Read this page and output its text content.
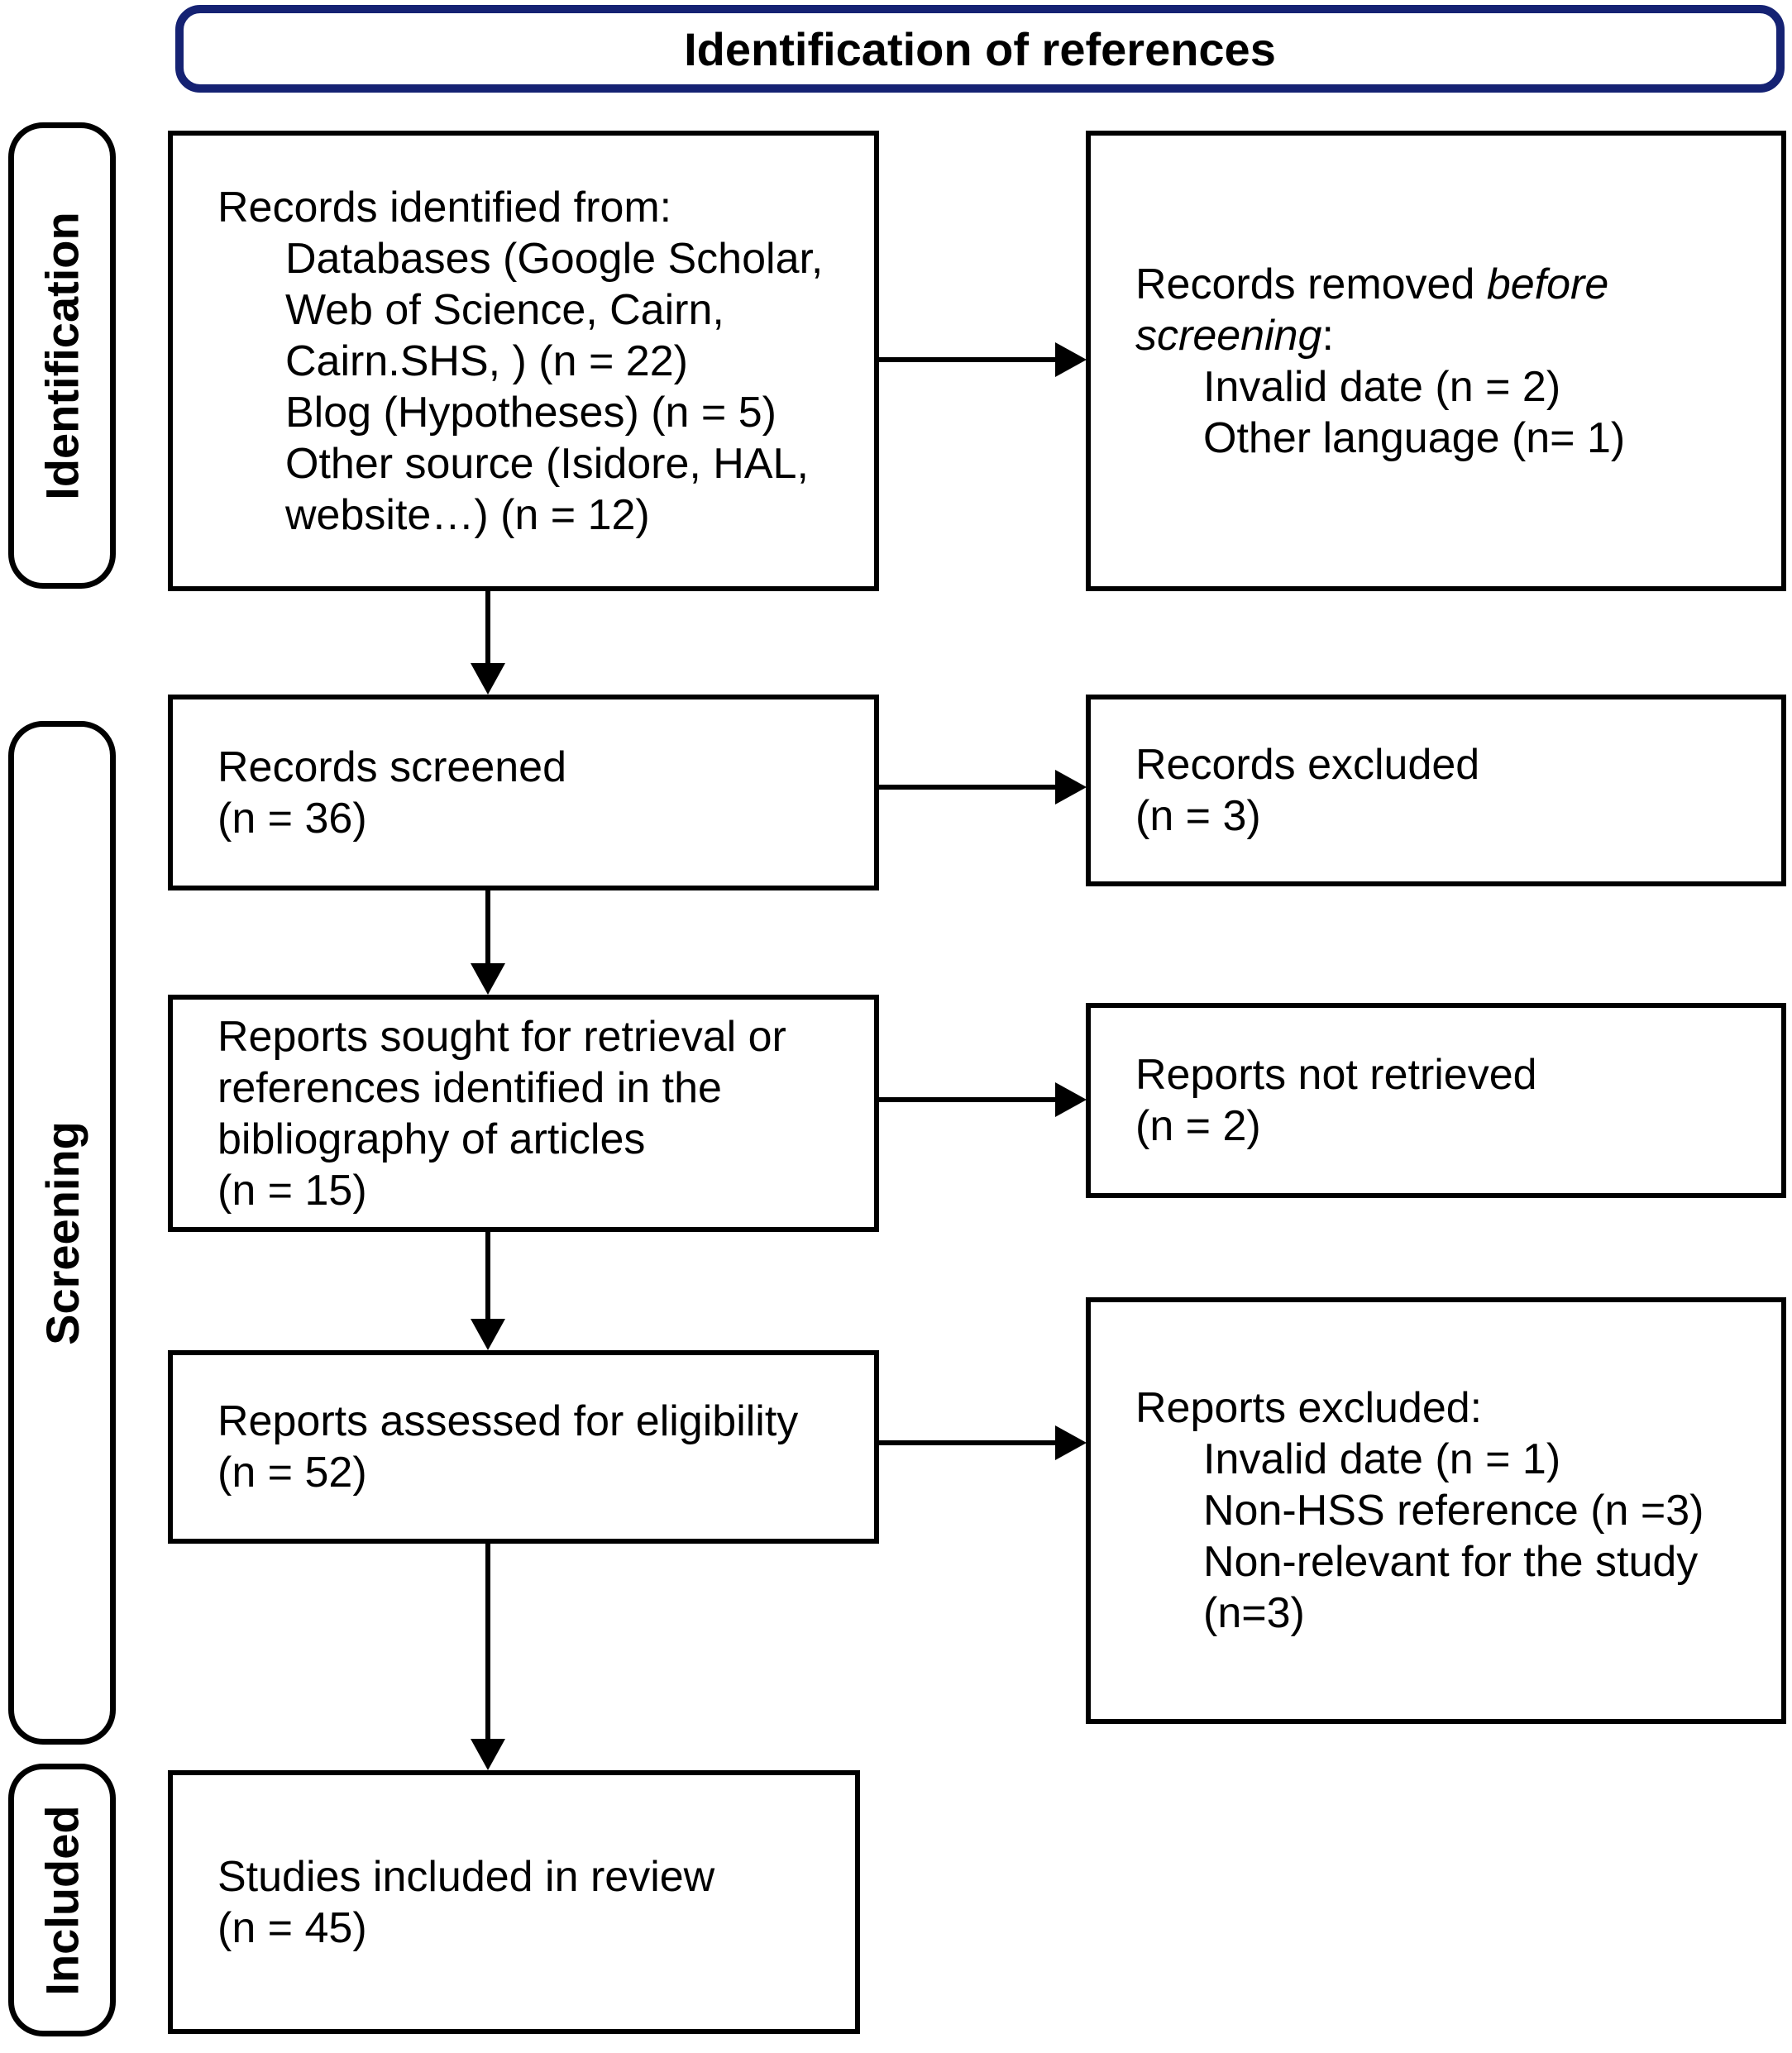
Identification of references
Identification
Screening
Included
Records identified from:
Databases (Google Scholar,
Web of Science, Cairn,
Cairn.SHS, ) (n = 22)
Blog (Hypotheses) (n = 5)
Other source (Isidore, HAL,
website…) (n = 12)
Records removed before screening:
Invalid date (n = 2)
Other language (n= 1)
Records screened
(n = 36)
Records excluded
(n = 3)
Reports sought for retrieval or
references identified in the
bibliography of articles
(n = 15)
Reports not retrieved
(n = 2)
Reports assessed for eligibility
(n = 52)
Reports excluded:
Invalid date (n = 1)
Non-HSS reference (n =3)
Non-relevant for the study
(n=3)
Studies included in review
(n = 45)
